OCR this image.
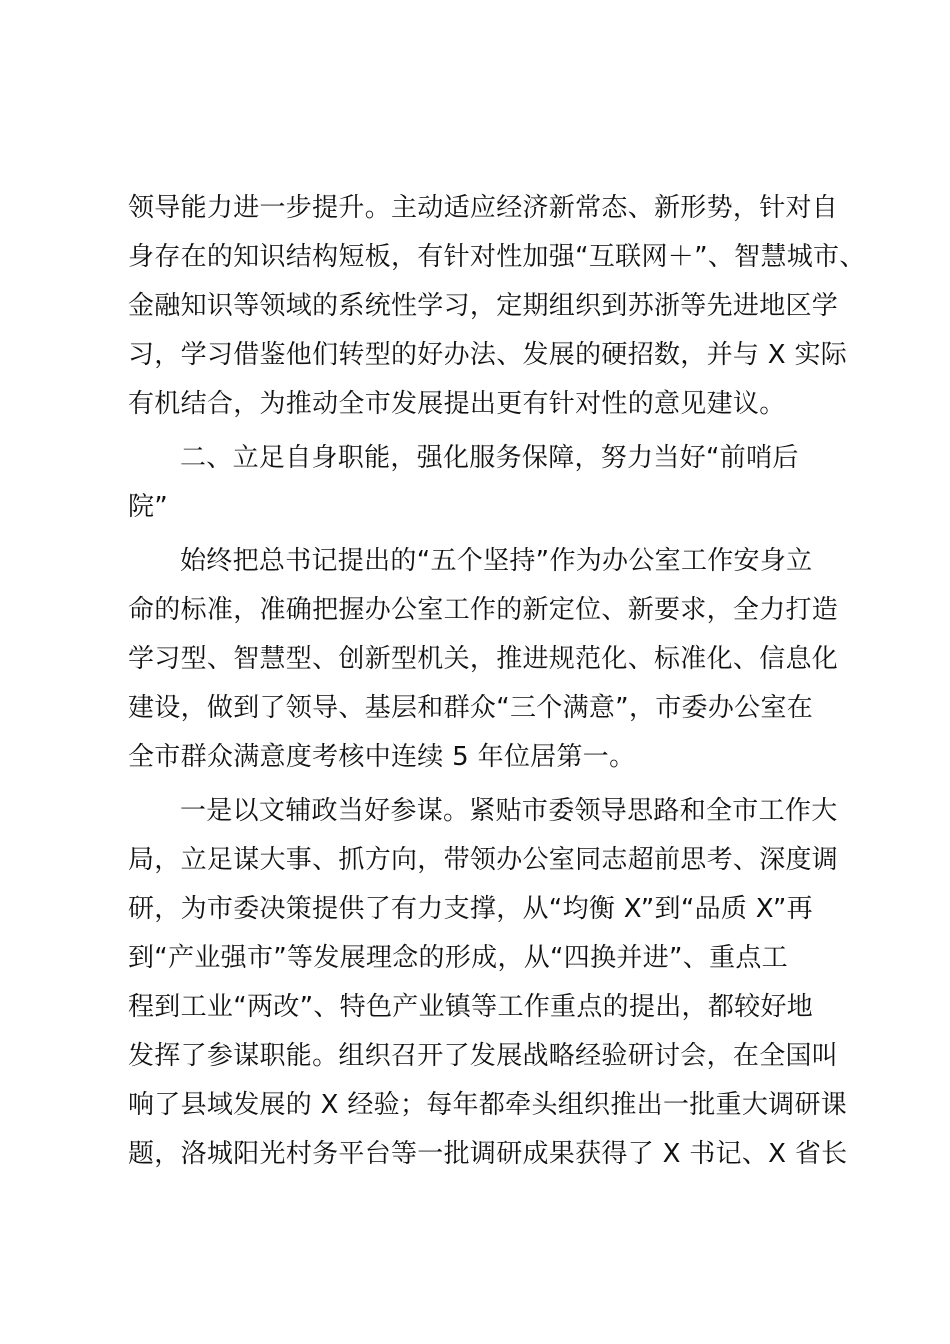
领导能力进一步提升。主动适应经济新常态、新形势，针对自
身存在的知识结构短板，有针对性加强“互联网＋”、智慧城市、
金融知识等领域的系统性学习，定期组织到苏浙等先进地区学
习，学习借鉴他们转型的好办法、发展的硬招数，并与 X 实际
有机结合，为推动全市发展提出更有针对性的意见建议。
二、立足自身职能，强化服务保障，努力当好“前哨后
院”
始终把总书记提出的“五个坚持”作为办公室工作安身立
命的标准，准确把握办公室工作的新定位、新要求，全力打造
学习型、智慧型、创新型机关，推进规范化、标准化、信息化
建设，做到了领导、基层和群众“三个满意”，市委办公室在
全市群众满意度考核中连续 5 年位居第一。
一是以文辅政当好参谋。紧贴市委领导思路和全市工作大
局，立足谋大事、抓方向，带领办公室同志超前思考、深度调
研，为市委决策提供了有力支撑，从“均衡 X”到“品质 X”再
到“产业强市”等发展理念的形成，从“四换并进”、重点工
程到工业“两改”、特色产业镇等工作重点的提出，都较好地
发挥了参谋职能。组织召开了发展战略经验研讨会，在全国叫
响了县域发展的 X 经验；每年都牵头组织推出一批重大调研课
题，洛城阳光村务平台等一批调研成果获得了 X 书记、X 省长
